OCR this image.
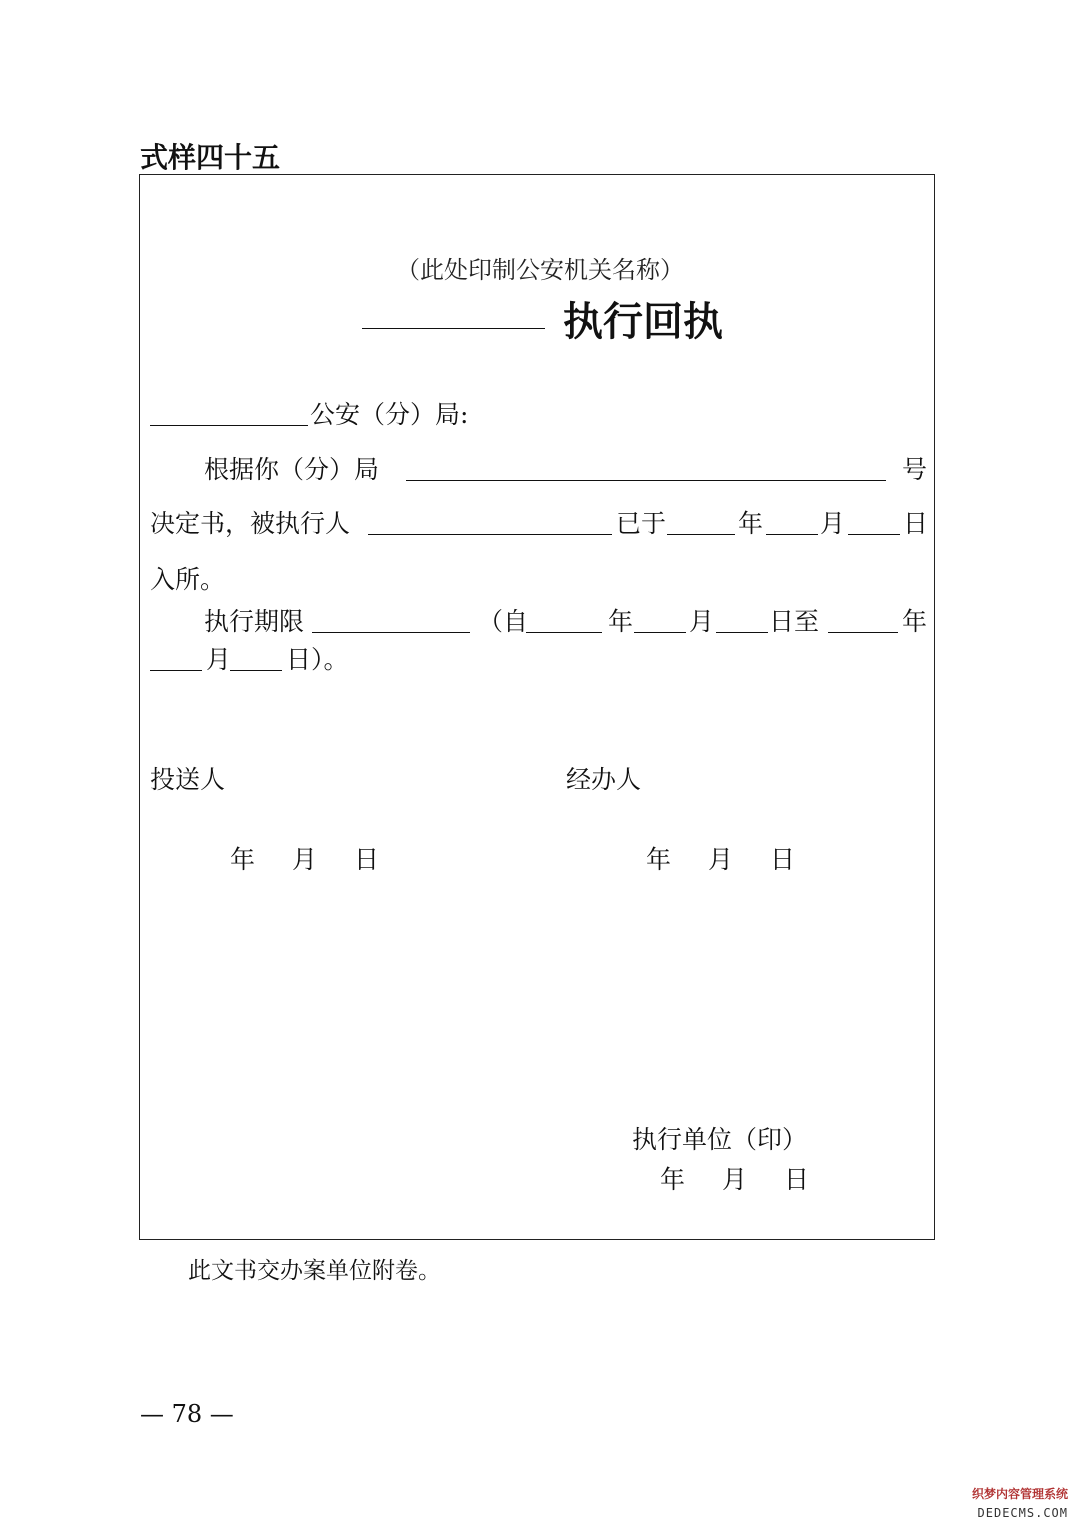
式样四十五
（此处印制公安机关名称）
执行回执
公安（分）局:
根据你（分）局	号
决定书，被执行人	已于	年 月 日
入所。
执行期限	（自	年 月 日至	年
月 日）。
投送人	经办人
年　月　日	年　月　日
执行单位（印）
年　月　日
此文书交办案单位附卷。
— 78 —
织梦内容管理系统
DEDECMS.COM
